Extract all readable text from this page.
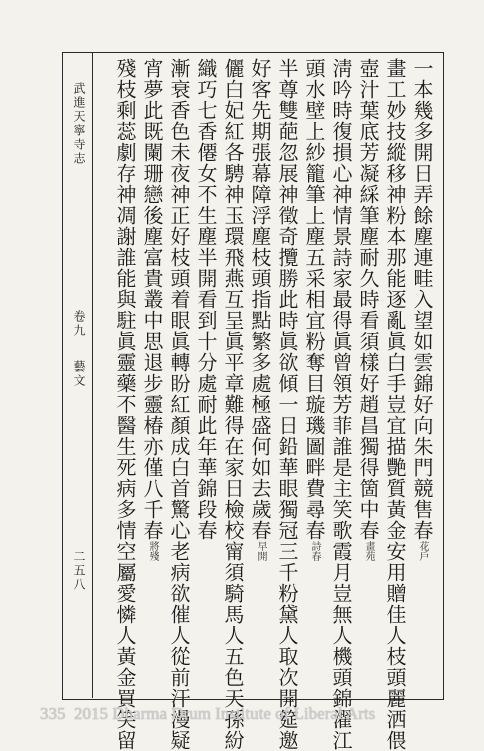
武進天寧寺志
卷九
藝文
二五八
一本幾多開日弄餘塵連畦入望如雲錦好向朱門競售春花戶
畫工妙技縱移神粉本那能逐亂眞白手豈宜描艷質黃金安用贈佳人枝頭麗洒偎
壺汁葉底芳凝綵筆塵耐久時看須樣好趙昌獨得箇中春畫苑
淸吟時復損心神情景詩家最得眞曾領芳菲誰是主笑歌霞月豈無人機頭錦濯江
頭水壁上紗籠筆上塵五采相宜粉奪目璇璣圖畔費尋春詩春
半尊雙葩忽展神徵奇攬勝此時眞欲傾一日鉛華眼獨冠三千粉黛人取次開筵邀
好客先期張幕障浮塵枝頭指點繁多處極盛何如去歲春早開
儷白妃紅各騁神玉環飛燕互呈眞平章難得在家日檢校甯須騎馬人五色天孫紛
織巧七香僊女不生塵半開看到十分處耐此年華錦段春
漸衰香色未夜神正好枝頭着眼眞轉盼紅顏成白首驚心老病欲催人從前汗漫疑
宵夢此既闌珊戀後塵富貴叢中思退步靈椿亦僅八千春將殘
殘枝剩蕊劇存神凋謝誰能與駐眞靈藥不醫生死病多情空屬愛憐人黃金買笑留
335 2015 Dharma Drum Institute of Liberal Arts
